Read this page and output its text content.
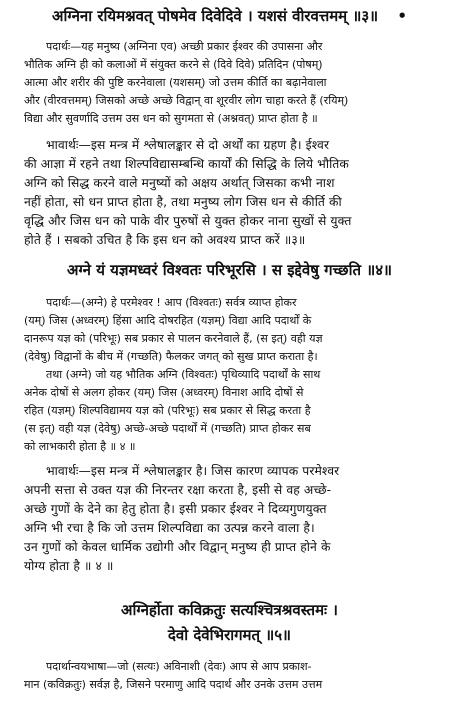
अग्निना रयिमश्नवत् पोषमेव दिवेदिवे । यशसं वीरवत्तमम् ॥३॥ •
पदार्थः—यह मनुष्य (अग्निना एव) अच्छी प्रकार ईश्वर की उपासना और
भौतिक अग्नि ही को कलाओं में संयुक्त करने से (दिवे दिवे) प्रतिदिन (पोषम्)
आत्मा और शरीर की पुष्टि करनेवाला (यशसम्) जो उत्तम कीर्ति का बढ़ानेवाला
और (वीरवत्तमम्) जिसको अच्छे अच्छे विद्वान् वा शूरवीर लोग चाहा करते हैं (रयिम्)
विद्या और सुवर्णादि उत्तम उस धन को सुगमता से (अश्नवत्) प्राप्त होता है ॥
भावार्थः—इस मन्त्र में श्लेषालङ्कार से दो अर्थों का ग्रहण है। ईश्वर
की आज्ञा में रहने तथा शिल्पविद्यासम्बन्धि कार्यों की सिद्धि के लिये भौतिक
अग्नि को सिद्ध करने वाले मनुष्यों को अक्षय अर्थात् जिसका कभी नाश
नहीं होता, सो धन प्राप्त होता है, तथा मनुष्य लोग जिस धन से कीर्ति की
वृद्धि और जिस धन को पाके वीर पुरुषों से युक्त होकर नाना सुखों से युक्त
होते हैं । सबको उचित है कि इस धन को अवश्य प्राप्त करें ॥३॥
अग्ने यं यज्ञमध्वरं विश्वतः परिभूरसि । स इद्देवेषु गच्छति ॥४॥
पदार्थः—(अग्ने) हे परमेश्वर ! आप (विश्वतः) सर्वत्र व्याप्त होकर
(यम्) जिस (अध्वरम्) हिंसा आदि दोषरहित (यज्ञम्) विद्या आदि पदार्थों के
दानरूप यज्ञ को (परिभूः) सब प्रकार से पालन करनेवाले हैं, (स इत्) वही यज्ञ
(देवेषु) विद्वानों के बीच में (गच्छति) फैलकर जगत् को सुख प्राप्त कराता है।
तथा (अग्ने) जो यह भौतिक अग्नि (विश्वतः) पृथिव्यादि पदार्थों के साथ
अनेक दोषों से अलग होकर (यम्) जिस (अध्वरम्) विनाश आदि दोषों से
रहित (यज्ञम्) शिल्पविद्यामय यज्ञ को (परिभूः) सब प्रकार से सिद्ध करता है
(स इत्) वही यज्ञ (देवेषु) अच्छे-अच्छे पदार्थों में (गच्छति) प्राप्त होकर सब
को लाभकारी होता है ॥ ४ ॥
भावार्थः—इस मन्त्र में श्लेषालङ्कार है। जिस कारण व्यापक परमेश्वर
अपनी सत्ता से उक्त यज्ञ की निरन्तर रक्षा करता है, इसी से वह अच्छे-
अच्छे गुणों के देने का हेतु होता है। इसी प्रकार ईश्वर ने दिव्यगुणयुक्त
अग्नि भी रचा है कि जो उत्तम शिल्पविद्या का उत्पन्न करने वाला है।
उन गुणों को केवल धार्मिक उद्योगी और विद्वान् मनुष्य ही प्राप्त होने के
योग्य होता है ॥ ४ ॥
अग्निर्होता कविक्रतुः सत्यश्चित्रश्रवस्तमः ।
देवो देवेभिरागमत् ॥५॥
पदार्थान्वयभाषा—जो (सत्यः) अविनाशी (देवः) आप से आप प्रकाश-
मान (कविक्रतुः) सर्वज्ञ है, जिसने परमाणु आदि पदार्थ और उनके उत्तम उत्तम
